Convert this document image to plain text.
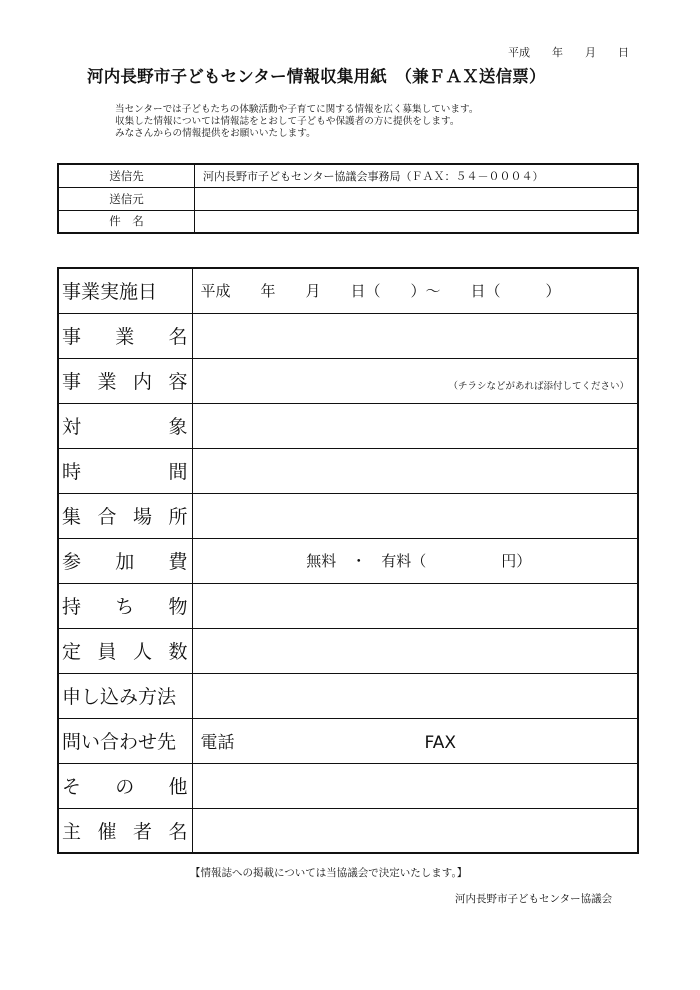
平成　　年　　月　　日
河内長野市子どもセンター情報収集用紙　（兼ＦＡＸ送信票）
当センターでは子どもたちの体験活動や子育てに関する情報を広く募集しています。
収集した情報については情報誌をとおして子どもや保護者の方に提供をします。
みなさんからの情報提供をお願いいたします。
送信先	河内長野市子どもセンター協議会事務局（ＦＡＸ：５４－０００４）
送信元	
件　名	
事業実施日	平成　　年　　月　　日（　　）～　　日（　　　）

事 業 名	

事 業 内 容	（チラシなどがあれば添付してください）

対 象	

時 間	

集 合 場 所	

参 加 費	無料　・　有料（　　　　　円）

持 ち 物	

定 員 人 数	

申し込み方法	
問い合わせ先	電話 FAX

そ の 他	

主 催 者 名	

【情報誌への掲載については当協議会で決定いたします。】
河内長野市子どもセンター協議会
